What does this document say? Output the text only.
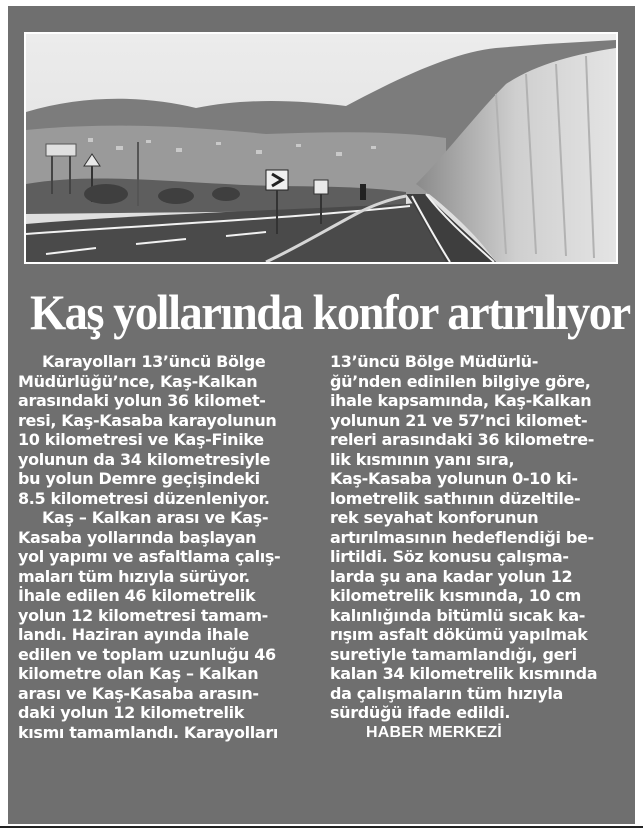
Kaş yollarında konfor artırılıyor
Karayolları 13’üncü Bölge
Müdürlüğü’nce, Kaş-Kalkan
arasındaki yolun 36 kilomet-
resi, Kaş-Kasaba karayolunun
10 kilometresi ve Kaş-Finike
yolunun da 34 kilometresiyle
bu yolun Demre geçişindeki
8.5 kilometresi düzenleniyor.
Kaş – Kalkan arası ve Kaş-
Kasaba yollarında başlayan
yol yapımı ve asfaltlama çalış-
maları tüm hızıyla sürüyor.
İhale edilen 46 kilometrelik
yolun 12 kilometresi tamam-
landı. Haziran ayında ihale
edilen ve toplam uzunluğu 46
kilometre olan Kaş – Kalkan
arası ve Kaş-Kasaba arasın-
daki yolun 12 kilometrelik
kısmı tamamlandı. Karayolları
13’üncü Bölge Müdürlü-
ğü’nden edinilen bilgiye göre,
ihale kapsamında, Kaş-Kalkan
yolunun 21 ve 57’nci kilomet-
releri arasındaki 36 kilometre-
lik kısmının yanı sıra,
Kaş-Kasaba yolunun 0-10 ki-
lometrelik sathının düzeltile-
rek seyahat konforunun
artırılmasının hedeflendiği be-
lirtildi. Söz konusu çalışma-
larda şu ana kadar yolun 12
kilometrelik kısmında, 10 cm
kalınlığında bitümlü sıcak ka-
rışım asfalt dökümü yapılmak
suretiyle tamamlandığı, geri
kalan 34 kilometrelik kısmında
da çalışmaların tüm hızıyla
sürdüğü ifade edildi.
HABER MERKEZİ
